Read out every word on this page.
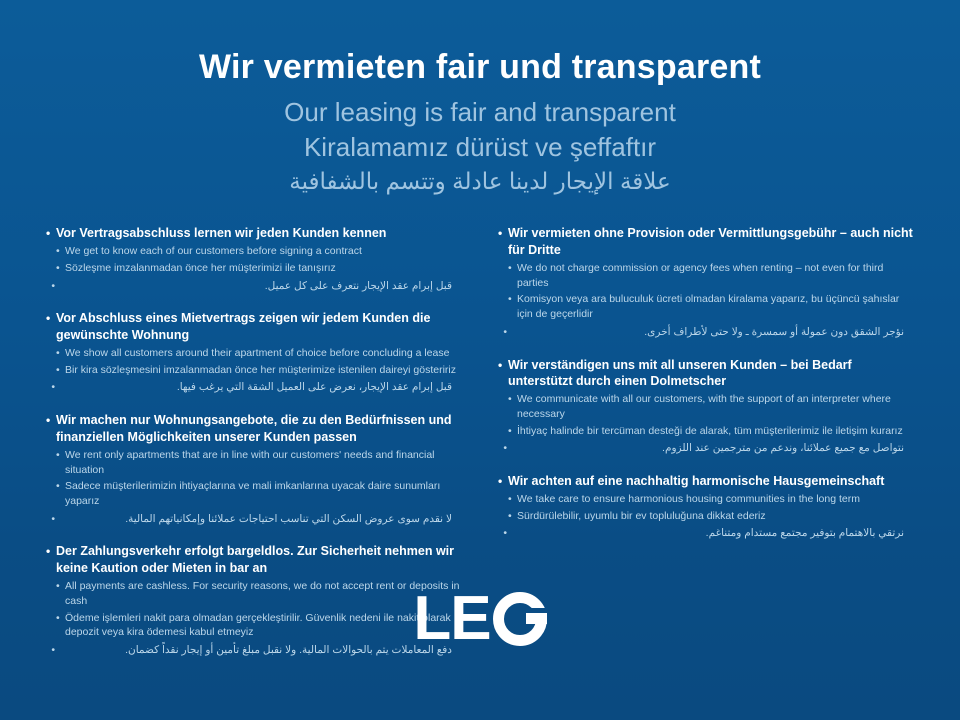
Wir vermieten fair und transparent
Our leasing is fair and transparent
Kiralamamız dürüst ve şeffaftır
علاقة الإيجار لدينا عادلة وتتسم بالشفافية
• Vor Vertragsabschluss lernen wir jeden Kunden kennen
• We get to know each of our customers before signing a contract
• Sözleşme imzalanmadan önce her müşterimizi ile tanışırız
•	قبل إبرام عقد الإيجار نتعرف على كل عميل.
• Vor Abschluss eines Mietvertrags zeigen wir jedem Kunden die gewünschte Wohnung
• We show all customers around their apartment of choice before concluding a lease
• Bir kira sözleşmesini imzalanmadan önce her müşterimize istenilen daireyi gösteririz
•	قبل إبرام عقد الإيجار، نعرض على العميل الشقة التي يرغب فيها.
• Wir machen nur Wohnungsangebote, die zu den Bedürfnissen und finanziellen Möglichkeiten unserer Kunden passen
• We rent only apartments that are in line with our customers' needs and financial situation
• Sadece müşterilerimizin ihtiyaçlarına ve mali imkanlarına uyacak daire sunumları yaparız
•	لا نقدم سوى عروض السكن التي تناسب احتياجات عملائنا وإمكانياتهم المالية.
• Der Zahlungsverkehr erfolgt bargeldlos. Zur Sicherheit nehmen wir keine Kaution oder Mieten in bar an
• All payments are cashless. For security reasons, we do not accept rent or deposits in cash
• Ödeme işlemleri nakit para olmadan gerçekleştirilir. Güvenlik nedeni ile nakit olarak depozit veya kira ödemesi kabul etmeyiz
•	دفع المعاملات يتم بالحوالات المالية. ولا نقبل مبلغ تأمين أو إيجار نقداً كضمان.
• Wir vermieten ohne Provision oder Vermittlungsgebühr – auch nicht für Dritte
• We do not charge commission or agency fees when renting – not even for third parties
• Komisyon veya ara buluculuk ücreti olmadan kiralama yaparız, bu üçüncü şahıslar için de geçerlidir
•	نؤجر الشقق دون عمولة أو سمسرة ـ ولا حتى لأطراف أخرى.
• Wir verständigen uns mit all unseren Kunden – bei Bedarf unterstützt durch einen Dolmetscher
• We communicate with all our customers, with the support of an interpreter where necessary
• İhtiyaç halinde bir tercüman desteği de alarak, tüm müşterilerimiz ile iletişim kurarız
•	نتواصل مع جميع عملائنا، وندعم من مترجمين عند اللزوم.
• Wir achten auf eine nachhaltig harmonische Hausgemeinschaft
• We take care to ensure harmonious housing communities in the long term
• Sürdürülebilir, uyumlu bir ev topluluğuna dikkat ederiz
•	نرتقي بالاهتمام بتوفير مجتمع مستدام ومتناغم.
LE
